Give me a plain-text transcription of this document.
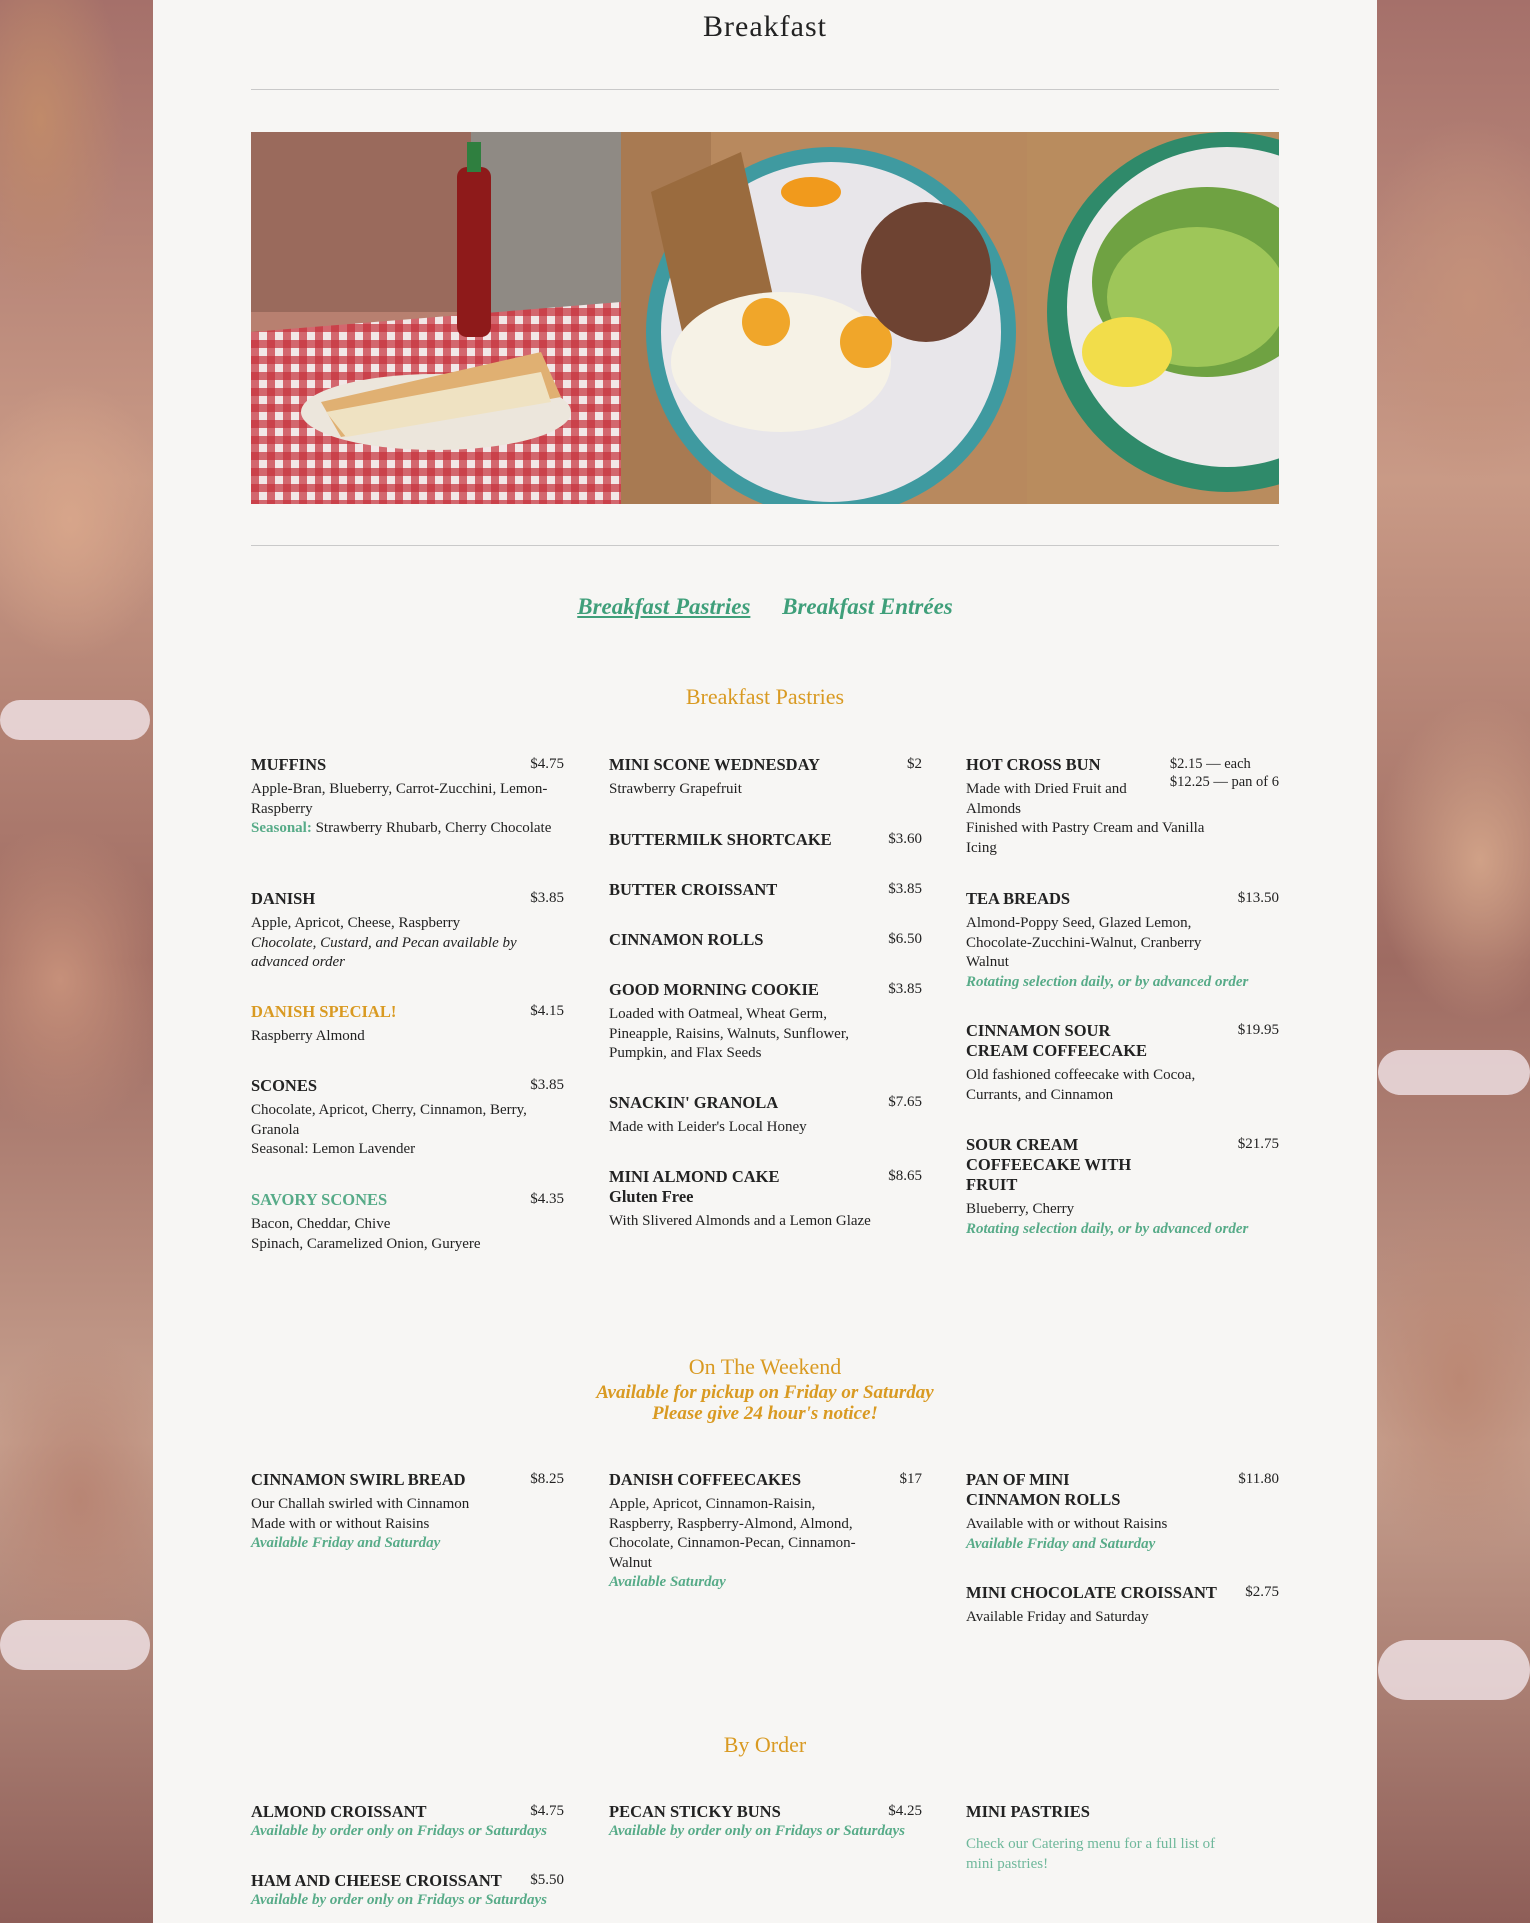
Breakfast
Breakfast Pastries Breakfast Entrées
Breakfast Pastries
MUFFINS	$4.75
Apple-Bran, Blueberry, Carrot-Zucchini, Lemon-Raspberry
Seasonal: Strawberry Rhubarb, Cherry Chocolate
DANISH	$3.85
Apple, Apricot, Cheese, Raspberry
Chocolate, Custard, and Pecan available by advanced order
DANISH SPECIAL!	$4.15
Raspberry Almond
SCONES	$3.85
Chocolate, Apricot, Cherry, Cinnamon, Berry, Granola
Seasonal: Lemon Lavender
SAVORY SCONES	$4.35
Bacon, Cheddar, Chive
Spinach, Caramelized Onion, Guryere
MINI SCONE WEDNESDAY	$2
Strawberry Grapefruit
BUTTERMILK SHORTCAKE	$3.60
BUTTER CROISSANT	$3.85
CINNAMON ROLLS	$6.50
GOOD MORNING COOKIE	$3.85
Loaded with Oatmeal, Wheat Germ, Pineapple, Raisins, Walnuts, Sunflower, Pumpkin, and Flax Seeds
SNACKIN' GRANOLA	$7.65
Made with Leider's Local Honey
MINI ALMOND CAKE
Gluten Free
$8.65
With Slivered Almonds and a Lemon Glaze
HOT CROSS BUN	$2.15 — each
$12.25 — pan of 6
Made with Dried Fruit and Almonds
Finished with Pastry Cream and Vanilla Icing
TEA BREADS	$13.50
Almond-Poppy Seed, Glazed Lemon, Chocolate-Zucchini-Walnut, Cranberry Walnut
Rotating selection daily, or by advanced order
CINNAMON SOUR CREAM COFFEECAKE
$19.95
Old fashioned coffeecake with Cocoa, Currants, and Cinnamon
SOUR CREAM COFFEECAKE WITH FRUIT
$21.75
Blueberry, Cherry
Rotating selection daily, or by advanced order
On The Weekend
Available for pickup on Friday or Saturday
Please give 24 hour's notice!
CINNAMON SWIRL BREAD	$8.25
Our Challah swirled with Cinnamon
Made with or without Raisins
Available Friday and Saturday
DANISH COFFEECAKES	$17
Apple, Apricot, Cinnamon-Raisin, Raspberry, Raspberry-Almond, Almond, Chocolate, Cinnamon-Pecan, Cinnamon-Walnut
Available Saturday
PAN OF MINI CINNAMON ROLLS
$11.80
Available with or without Raisins
Available Friday and Saturday
MINI CHOCOLATE CROISSANT	$2.75
Available Friday and Saturday
By Order
ALMOND CROISSANT	$4.75
Available by order only on Fridays or Saturdays
HAM AND CHEESE CROISSANT	$5.50
Available by order only on Fridays or Saturdays
PECAN STICKY BUNS	$4.25
Available by order only on Fridays or Saturdays
MINI PASTRIES
Check our Catering menu for a full list of mini pastries!
